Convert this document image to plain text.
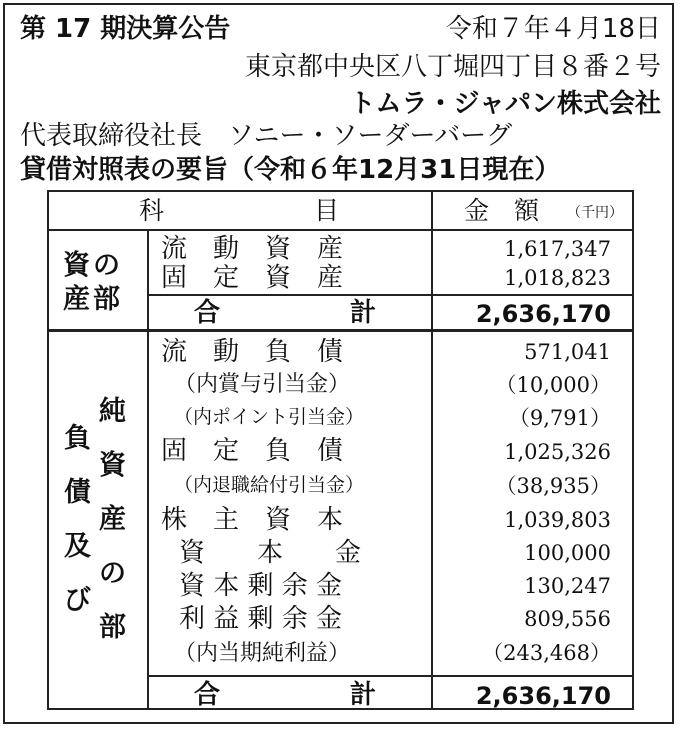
第 17 期決算公告	令和７年４月18日
東京都中央区八丁堀四丁目８番２号
トムラ・ジャパン株式会社
代表取締役社長　ソニー・ソーダーバーグ
貸借対照表の要旨（令和６年12月31日現在）
科　　　　　　目	金　額 （千円）
資の産部
流　動　資　産	1,617,347
固　定　資　産	1,018,823
合　　　　　計	2,636,170
負債及び
純資産の部
流　動　負　債	571,041
（内賞与引当金）	（10,000）
（内ポイント引当金）	（9,791）
固　定　負　債	1,025,326
（内退職給付引当金）	（38,935）
株　主　資　本	1,039,803
資　　本　　金	100,000
資 本 剰 余 金	130,247
利 益 剰 余 金	809,556
（内当期純利益）	（243,468）
合　　　　　計	2,636,170
